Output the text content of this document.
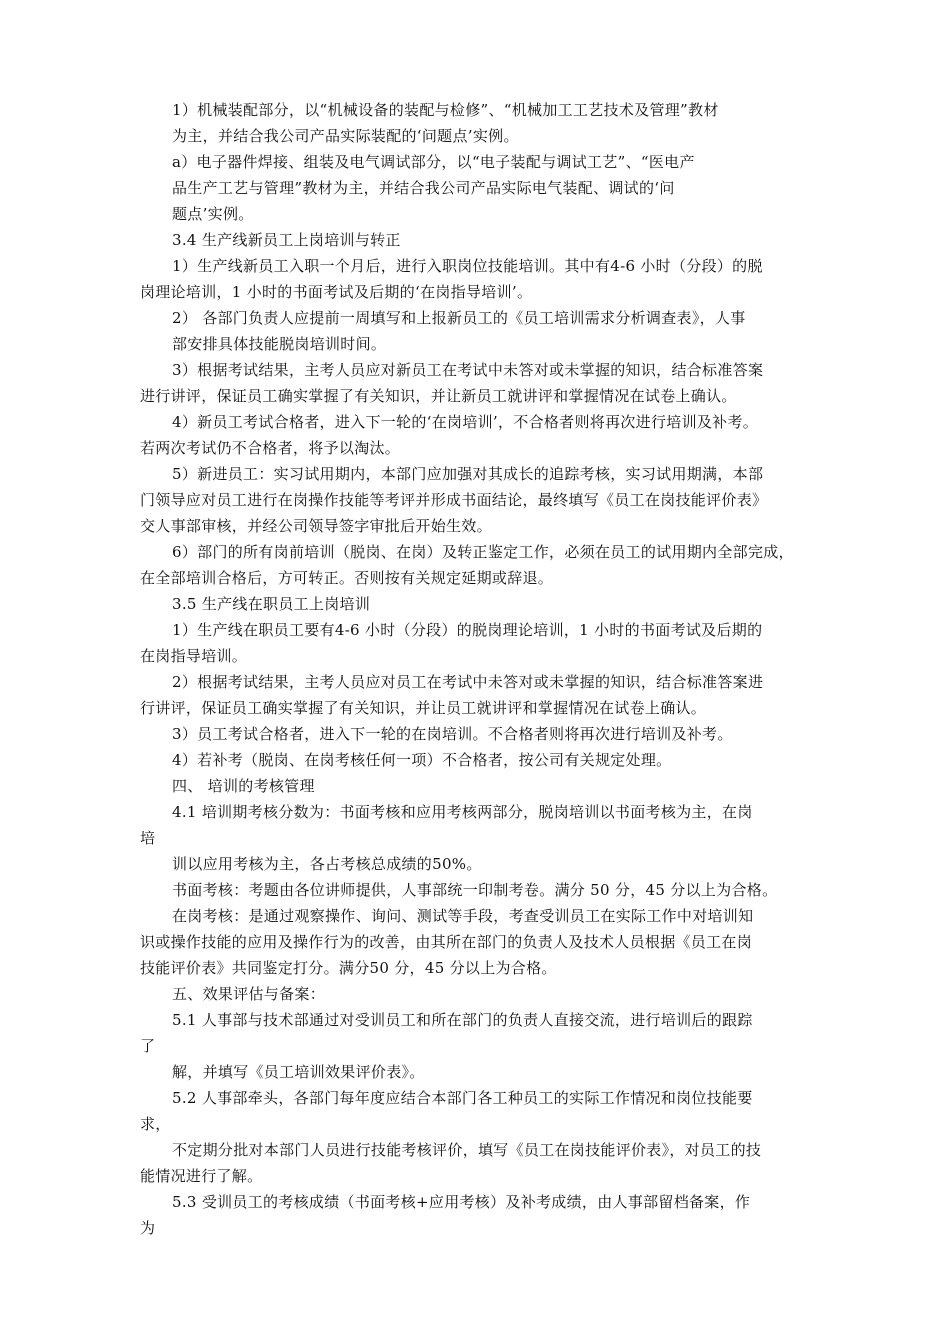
1）机械装配部分，以“机械设备的装配与检修”、“机械加工工艺技术及管理”教材
为主，并结合我公司产品实际装配的‘问题点’实例。
a）电子器件焊接、组装及电气调试部分，以“电子装配与调试工艺”、“医电产
品生产工艺与管理”教材为主，并结合我公司产品实际电气装配、调试的‘问
题点’实例。
3.4 生产线新员工上岗培训与转正
1）生产线新员工入职一个月后，进行入职岗位技能培训。其中有4-6 小时（分段）的脱
岗理论培训，1 小时的书面考试及后期的‘在岗指导培训’。
2） 各部门负责人应提前一周填写和上报新员工的《员工培训需求分析调查表》，人事
部安排具体技能脱岗培训时间。
3）根据考试结果，主考人员应对新员工在考试中未答对或未掌握的知识，结合标准答案
进行讲评，保证员工确实掌握了有关知识，并让新员工就讲评和掌握情况在试卷上确认。
4）新员工考试合格者，进入下一轮的‘在岗培训’，不合格者则将再次进行培训及补考。
若两次考试仍不合格者，将予以淘汰。
5）新进员工：实习试用期内，本部门应加强对其成长的追踪考核，实习试用期满，本部
门领导应对员工进行在岗操作技能等考评并形成书面结论，最终填写《员工在岗技能评价表》
交人事部审核，并经公司领导签字审批后开始生效。
6）部门的所有岗前培训（脱岗、在岗）及转正鉴定工作，必须在员工的试用期内全部完成，
在全部培训合格后，方可转正。否则按有关规定延期或辞退。
3.5 生产线在职员工上岗培训
1）生产线在职员工要有4-6 小时（分段）的脱岗理论培训，1 小时的书面考试及后期的
在岗指导培训。
2）根据考试结果，主考人员应对员工在考试中未答对或未掌握的知识，结合标准答案进
行讲评，保证员工确实掌握了有关知识，并让员工就讲评和掌握情况在试卷上确认。
3）员工考试合格者，进入下一轮的在岗培训。不合格者则将再次进行培训及补考。
4）若补考（脱岗、在岗考核任何一项）不合格者，按公司有关规定处理。
四、 培训的考核管理
4.1 培训期考核分数为：书面考核和应用考核两部分，脱岗培训以书面考核为主，在岗
培
训以应用考核为主，各占考核总成绩的50%。
书面考核：考题由各位讲师提供，人事部统一印制考卷。满分 50 分，45 分以上为合格。
在岗考核：是通过观察操作、询问、测试等手段，考查受训员工在实际工作中对培训知
识或操作技能的应用及操作行为的改善，由其所在部门的负责人及技术人员根据《员工在岗
技能评价表》共同鉴定打分。满分50 分，45 分以上为合格。
五、效果评估与备案：
5.1 人事部与技术部通过对受训员工和所在部门的负责人直接交流，进行培训后的跟踪
了
解，并填写《员工培训效果评价表》。
5.2 人事部牵头，各部门每年度应结合本部门各工种员工的实际工作情况和岗位技能要
求，
不定期分批对本部门人员进行技能考核评价，填写《员工在岗技能评价表》，对员工的技
能情况进行了解。
5.3 受训员工的考核成绩（书面考核+应用考核）及补考成绩，由人事部留档备案，作
为
